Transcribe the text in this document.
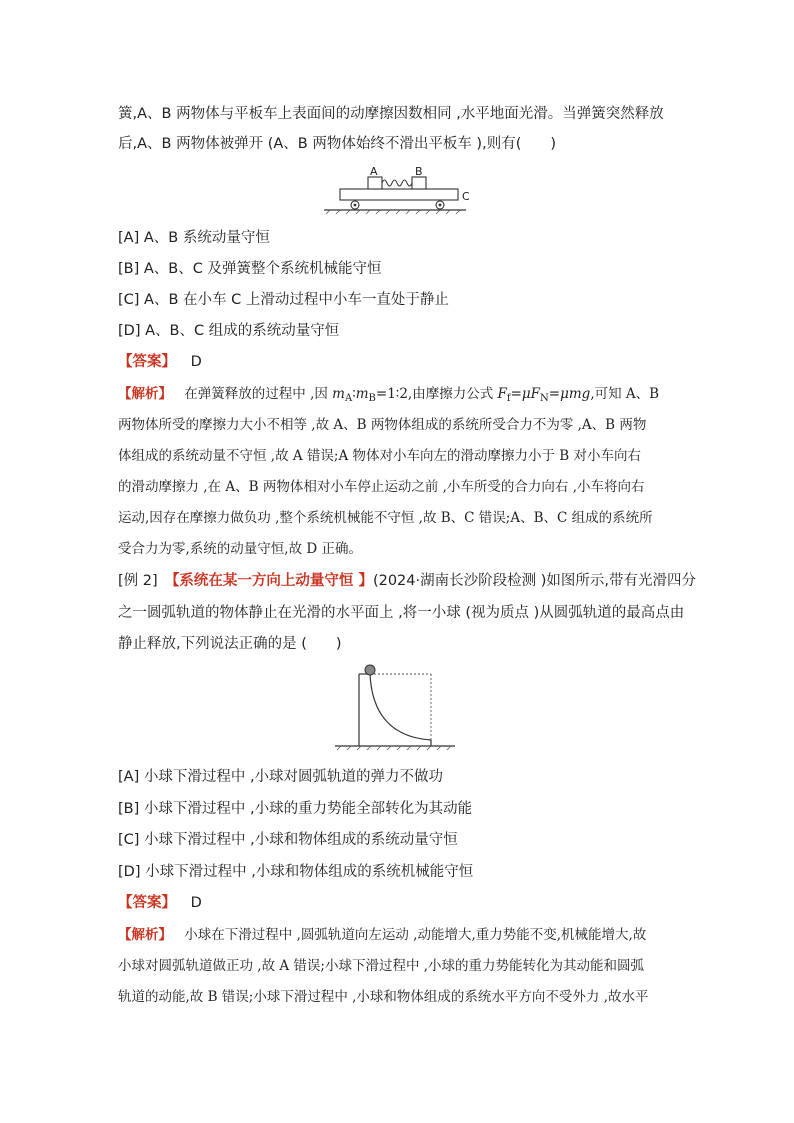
簧,A、B 两物体与平板车上表面间的动摩擦因数相同 ,水平地面光滑。当弹簧突然释放
后,A、B 两物体被弹开 (A、B 两物体始终不滑出平板车 ),则有(　　)
A	B
C
[A] A、B 系统动量守恒
[B] A、B、C 及弹簧整个系统机械能守恒
[C] A、B 在小车 C 上滑动过程中小车一直处于静止
[D] A、B、C 组成的系统动量守恒
【答案】 D
【解析】 在弹簧释放的过程中 ,因 $m_A∶m_B=1∶2$,由摩擦力公式 $F_f=\mu F_N=\mu mg$,可知 A、B
两物体所受的摩擦力大小不相等 ,故 A、B 两物体组成的系统所受合力不为零 ,A、B 两物
体组成的系统动量不守恒 ,故 A 错误;A 物体对小车向左的滑动摩擦力小于 B 对小车向右
的滑动摩擦力 ,在 A、B 两物体相对小车停止运动之前 ,小车所受的合力向右 ,小车将向右
运动,因存在摩擦力做负功 ,整个系统机械能不守恒 ,故 B、C 错误;A、B、C 组成的系统所
受合力为零,系统的动量守恒,故 D 正确。
[例 2]　【系统在某一方向上动量守恒 】(2024·湖南长沙阶段检测 )如图所示,带有光滑四分
之一圆弧轨道的物体静止在光滑的水平面上 ,将一小球 (视为质点 )从圆弧轨道的最高点由
静止释放,下列说法正确的是 (　　)
[A] 小球下滑过程中 ,小球对圆弧轨道的弹力不做功
[B] 小球下滑过程中 ,小球的重力势能全部转化为其动能
[C] 小球下滑过程中 ,小球和物体组成的系统动量守恒
[D] 小球下滑过程中 ,小球和物体组成的系统机械能守恒
【答案】 D
【解析】 小球在下滑过程中 ,圆弧轨道向左运动 ,动能增大,重力势能不变,机械能增大,故
小球对圆弧轨道做正功 ,故 A 错误;小球下滑过程中 ,小球的重力势能转化为其动能和圆弧
轨道的动能,故 B 错误;小球下滑过程中 ,小球和物体组成的系统水平方向不受外力 ,故水平
